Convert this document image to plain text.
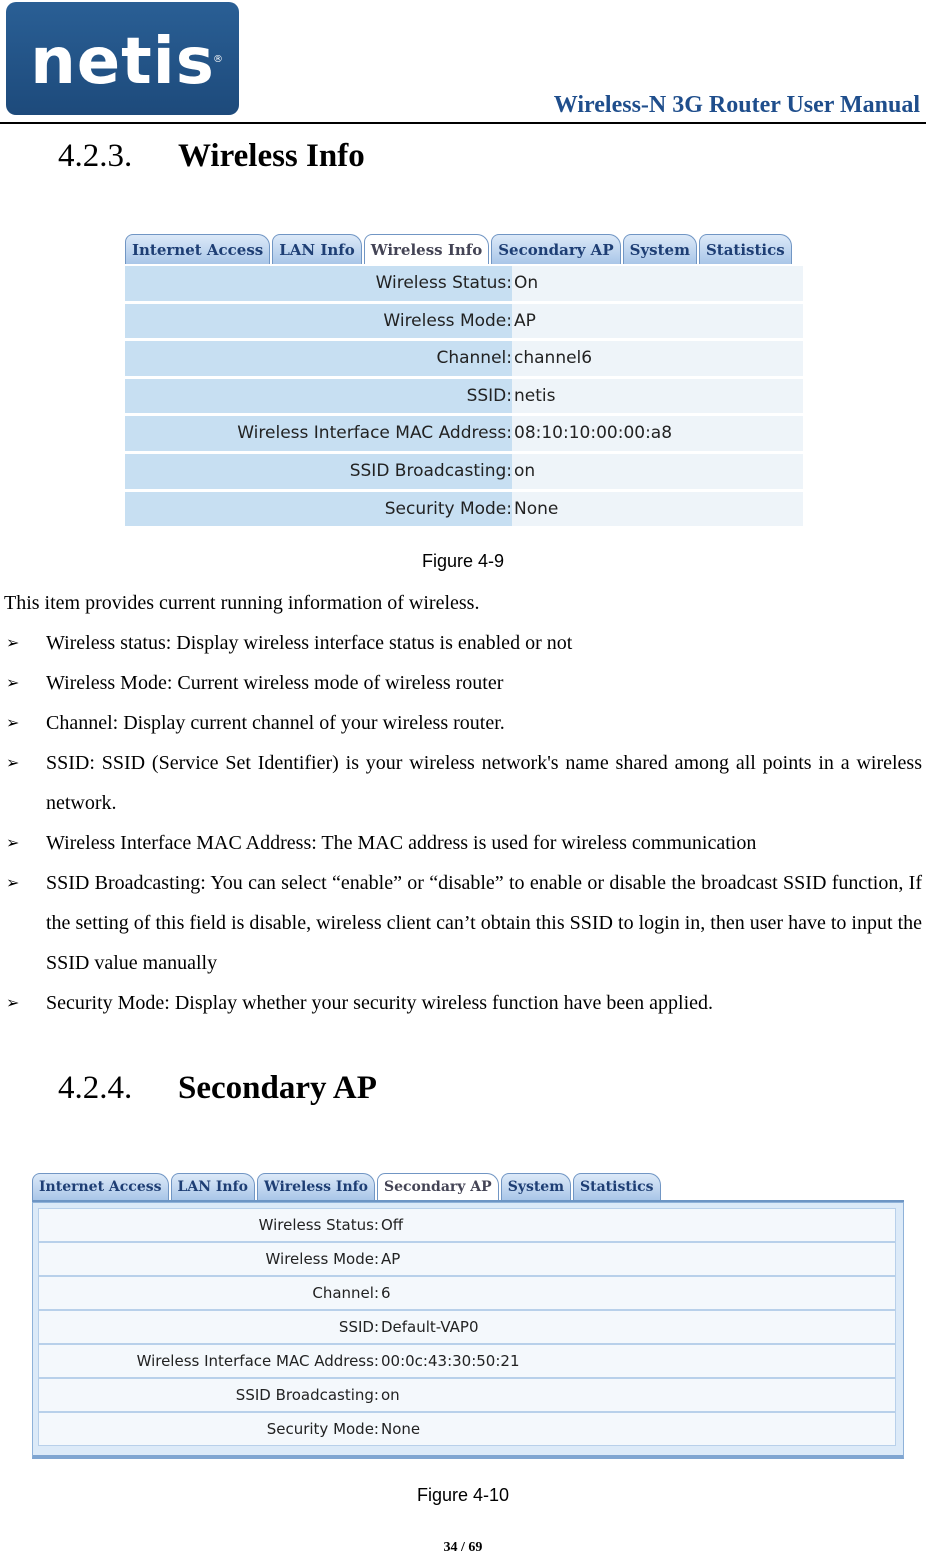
netis
®
Wireless-N 3G Router User Manual
4.2.3. Wireless Info
Internet Access	LAN Info	Wireless Info	Secondary AP	System	Statistics
Wireless Status: On
Wireless Mode: AP
Channel: channel6
SSID: netis
Wireless Interface MAC Address: 08:10:10:00:00:a8
SSID Broadcasting: on
Security Mode: None
Figure 4-9
This item provides current running information of wireless.
➢ Wireless status: Display wireless interface status is enabled or not
➢ Wireless Mode: Current wireless mode of wireless router
➢ Channel: Display current channel of your wireless router.
➢ SSID: SSID (Service Set Identifier) is your wireless network's name shared among all points in a wireless network.
➢ Wireless Interface MAC Address: The MAC address is used for wireless communication
➢ SSID Broadcasting: You can select “enable” or “disable” to enable or disable the broadcast SSID function, If the setting of this field is disable, wireless client can’t obtain this SSID to login in, then user have to input the SSID value manually
➢ Security Mode: Display whether your security wireless function have been applied.
4.2.4. Secondary AP
Internet Access	LAN Info	Wireless Info	Secondary AP	System	Statistics
Wireless Status: Off
Wireless Mode: AP
Channel: 6
SSID: Default-VAP0
Wireless Interface MAC Address: 00:0c:43:30:50:21
SSID Broadcasting: on
Security Mode: None
Figure 4-10
34 / 69
